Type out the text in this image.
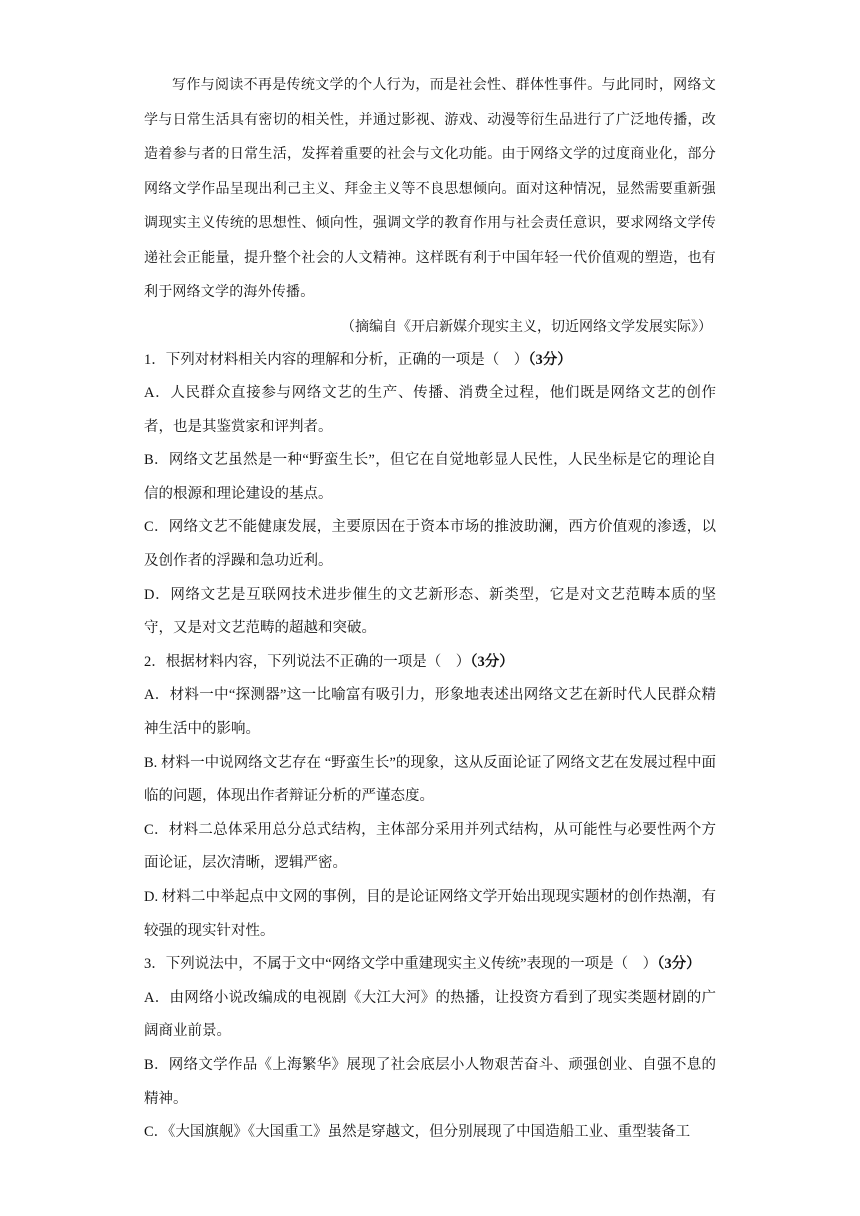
写作与阅读不再是传统文学的个人行为，而是社会性、群体性事件。与此同时，网络文学与日常生活具有密切的相关性，并通过影视、游戏、动漫等衍生品进行了广泛地传播，改造着参与者的日常生活，发挥着重要的社会与文化功能。由于网络文学的过度商业化，部分网络文学作品呈现出利己主义、拜金主义等不良思想倾向。面对这种情况，显然需要重新强调现实主义传统的思想性、倾向性，强调文学的教育作用与社会责任意识，要求网络文学传递社会正能量，提升整个社会的人文精神。这样既有利于中国年轻一代价值观的塑造，也有利于网络文学的海外传播。

（摘编自《开启新媒介现实主义，切近网络文学发展实际》）

1．下列对材料相关内容的理解和分析，正确的一项是（　）（3分）

A．人民群众直接参与网络文艺的生产、传播、消费全过程，他们既是网络文艺的创作者，也是其鉴赏家和评判者。

B．网络文艺虽然是一种“野蛮生长”，但它在自觉地彰显人民性，人民坐标是它的理论自信的根源和理论建设的基点。

C．网络文艺不能健康发展，主要原因在于资本市场的推波助澜，西方价值观的渗透，以及创作者的浮躁和急功近利。

D．网络文艺是互联网技术进步催生的文艺新形态、新类型，它是对文艺范畴本质的坚守，又是对文艺范畴的超越和突破。

2．根据材料内容，下列说法不正确的一项是（　）（3分）

A．材料一中“探测器”这一比喻富有吸引力，形象地表述出网络文艺在新时代人民群众精神生活中的影响。

B. 材料一中说网络文艺存在 “野蛮生长”的现象，这从反面论证了网络文艺在发展过程中面临的问题，体现出作者辩证分析的严谨态度。

C．材料二总体采用总分总式结构，主体部分采用并列式结构，从可能性与必要性两个方面论证，层次清晰，逻辑严密。

D. 材料二中举起点中文网的事例，目的是论证网络文学开始出现现实题材的创作热潮，有较强的现实针对性。

3．下列说法中，不属于文中“网络文学中重建现实主义传统”表现的一项是（　）（3分）

A．由网络小说改编成的电视剧《大江大河》的热播，让投资方看到了现实类题材剧的广阔商业前景。

B．网络文学作品《上海繁华》展现了社会底层小人物艰苦奋斗、顽强创业、自强不息的精神。

C．《大国旗舰》《大国重工》虽然是穿越文，但分别展现了中国造船工业、重型装备工
